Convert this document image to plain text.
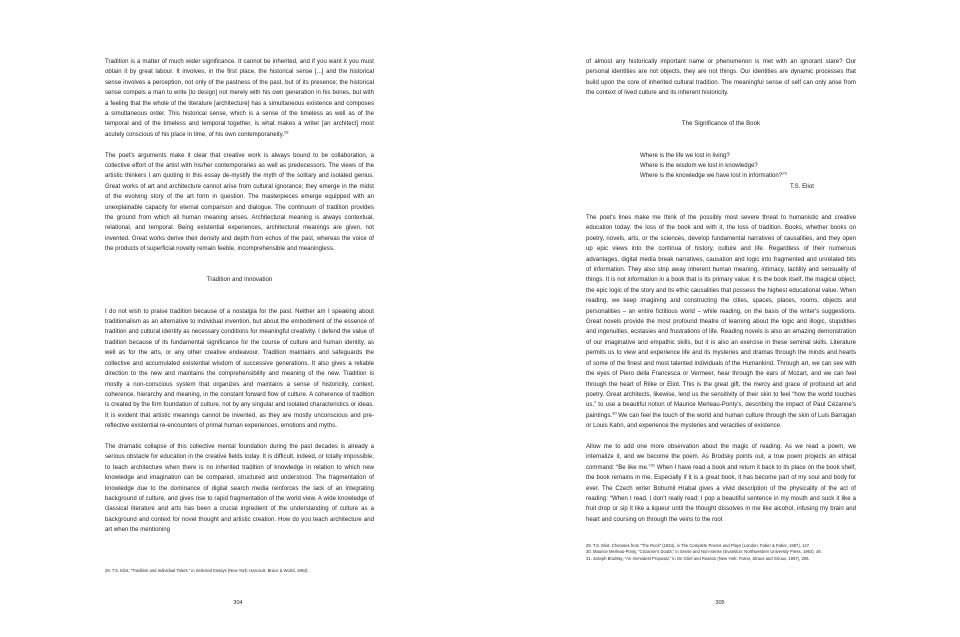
Tradition is a matter of much wider significance. It cannot be inherited, and if you want it you must obtain it by great labour. It involves, in the first place, the historical sense [...] and the historical sense involves a perception, not only of the pastness of the past, but of its presence; the historical sense compels a man to write [to design] not merely with his own generation in his bones, but with a feeling that the whole of the literature [architecture] has a simultaneous existence and composes a simultaneous order. This historical sense, which is a sense of the timeless as well as of the temporal and of the timeless and temporal together, is what makes a writer [an architect] most acutely conscious of his place in time, of his own contemporaneity.$^{28}$

The poet's arguments make it clear that creative work is always bound to be collaboration, a collective effort of the artist with his/her contemporaries as well as predecessors. The views of the artistic thinkers I am quoting in this essay de-mystify the myth of the solitary and isolated genius. Great works of art and architecture cannot arise from cultural ignorance; they emerge in the midst of the evolving story of the art form in question. The masterpieces emerge equipped with an unexplainable capacity for eternal comparison and dialogue. The continuum of tradition provides the ground from which all human meaning arises. Architectural meaning is always contextual, relational, and temporal. Being existential experiences, architectural meanings are given, not invented. Great works derive their density and depth from echos of the past, whereas the voice of the products of superficial novelty remain feeble, incomprehensible and meaningless.

Tradition and Innovation

I do not wish to praise tradition because of a nostalgia for the past. Neither am I speaking about traditionalism as an alternative to individual invention, but about the embodiment of the essence of tradition and cultural identity as necessary conditions for meaningful creativity. I defend the value of tradition because of its fundamental significance for the course of culture and human identity, as well as for the arts, or any other creative endeavour. Tradition maintains and safeguards the collective and accumulated existential wisdom of successive generations. It also gives a reliable direction to the new and maintains the comprehensibility and meaning of the new. Tradition is mostly a non-conscious system that organizes and maintains a sense of historicity, context, coherence, hierarchy and meaning, in the constant forward flow of culture. A coherence of tradition is created by the firm foundation of culture, not by any singular and isolated characteristics or ideas. It is evident that artistic meanings cannot be invented, as they are mostly unconscious and pre-reflective existential re-encounters of primal human experiences, emotions and myths.

The dramatic collapse of this collective mental foundation during the past decades is already a serious obstacle for education in the creative fields today. It is difficult, indeed, or totally impossible, to teach architecture when there is no inherited tradition of knowledge in relation to which new knowledge and imagination can be compared, structured and understood. The fragmentation of knowledge due to the dominance of digital search media reinforces the lack of an integrating background of culture, and gives rise to rapid fragmentation of the world view. A wide knowledge of classical literature and arts has been a crucial ingredient of the understanding of culture as a background and context for novel thought and artistic creation. How do you teach architecture and art when the mentioning

28. T.S. Eliot, “Tradition and Individual Talent,” in Selected Essays (New York: Harcourt, Brace & World, 1964).
304

of almost any historically important name or phenomenon is met with an ignorant stare? Our personal identities are not objects, they are not things. Our identities are dynamic processes that build upon the core of inherited cultural tradition. The meaningful sense of self can only arise from the context of lived culture and its inherent historicity.

The Significance of the Book
Where is the life we lost in living?
Where is the wisdom we lost in knowledge?
Where is the knowledge we have lost in information?$^{29}$
T.S. Eliot

The poet's lines make me think of the possibly most severe threat to humanistic and creative education today: the loss of the book and with it, the loss of tradition. Books, whether books on poetry, novels, arts, or the sciences, develop fundamental narratives of causalities, and they open up epic views into the continua of history, culture and life. Regardless of their numerous advantages, digital media break narratives, causation and logic into fragmented and unrelated bits of information. They also strip away inherent human meaning, intimacy, tactility and sensuality of things. It is not information in a book that is its primary value; it is the book itself, the magical object, the epic logic of the story and its ethic causalities that possess the highest educational value. When reading, we keep imagining and constructing the cities, spaces, places, rooms, objects and personalities – an entire fictitious world – while reading, on the basis of the writer's suggestions. Great novels provide the most profound theatre of learning about the logic and illogic, stupidities and ingenuities, ecstasies and frustrations of life. Reading novels is also an amazing demonstration of our imaginative and empathic skills, but it is also an exercise in these seminal skills. Literature permits us to view and experience life and its mysteries and dramas through the minds and hearts of some of the finest and most talented individuals of the Humankind. Through art, we can see with the eyes of Piero della Francesca or Vermeer, hear through the ears of Mozart, and we can feel through the heart of Rilke or Eliot. This is the great gift, the mercy and grace of profound art and poetry. Great architects, likewise, lend us the sensitivity of their skin to feel “how the world touches us,” to use a beautiful notion of Maurice Merleau-Ponty's, describing the impact of Paul Cézanne's paintings.$^{30}$ We can feel the touch of the world and human culture through the skin of Luis Barragan or Louis Kahn, and experience the mysteries and veracities of existence.

Allow me to add one more observation about the magic of reading. As we read a poem, we internalize it, and we become the poem. As Brodsky points out, a true poem projects an ethical command: “Be like me.”$^{31}$ When I have read a book and return it back to its place on the book shelf, the book remains in me. Especially if it is a great book, it has become part of my soul and body for ever. The Czech writer Bohumil Hrabal gives a vivid description of the physicality of the act of reading: “When I read, I don't really read; I pop a beautiful sentence in my mouth and suck it like a fruit drop or sip it like a liqueur until the thought dissolves in me like alcohol, infusing my brain and heart and coursing on through the veins to the root

29. T.S. Eliot, Choruses from “The Rock” (1934), in The Complete Poems and Plays (London: Faber & Faber, 1987), 147.
30. Maurice Merleau-Ponty, “Cézanne's Doubt,” in Sense and Non-Sense (Evanston: Northwestern University Press, 1964), 48.
31. Joseph Brodsky, “An Immodest Proposal,” in On Grief and Reason (New York: Farrar, Straus and Giroux, 1997), 206.
305
